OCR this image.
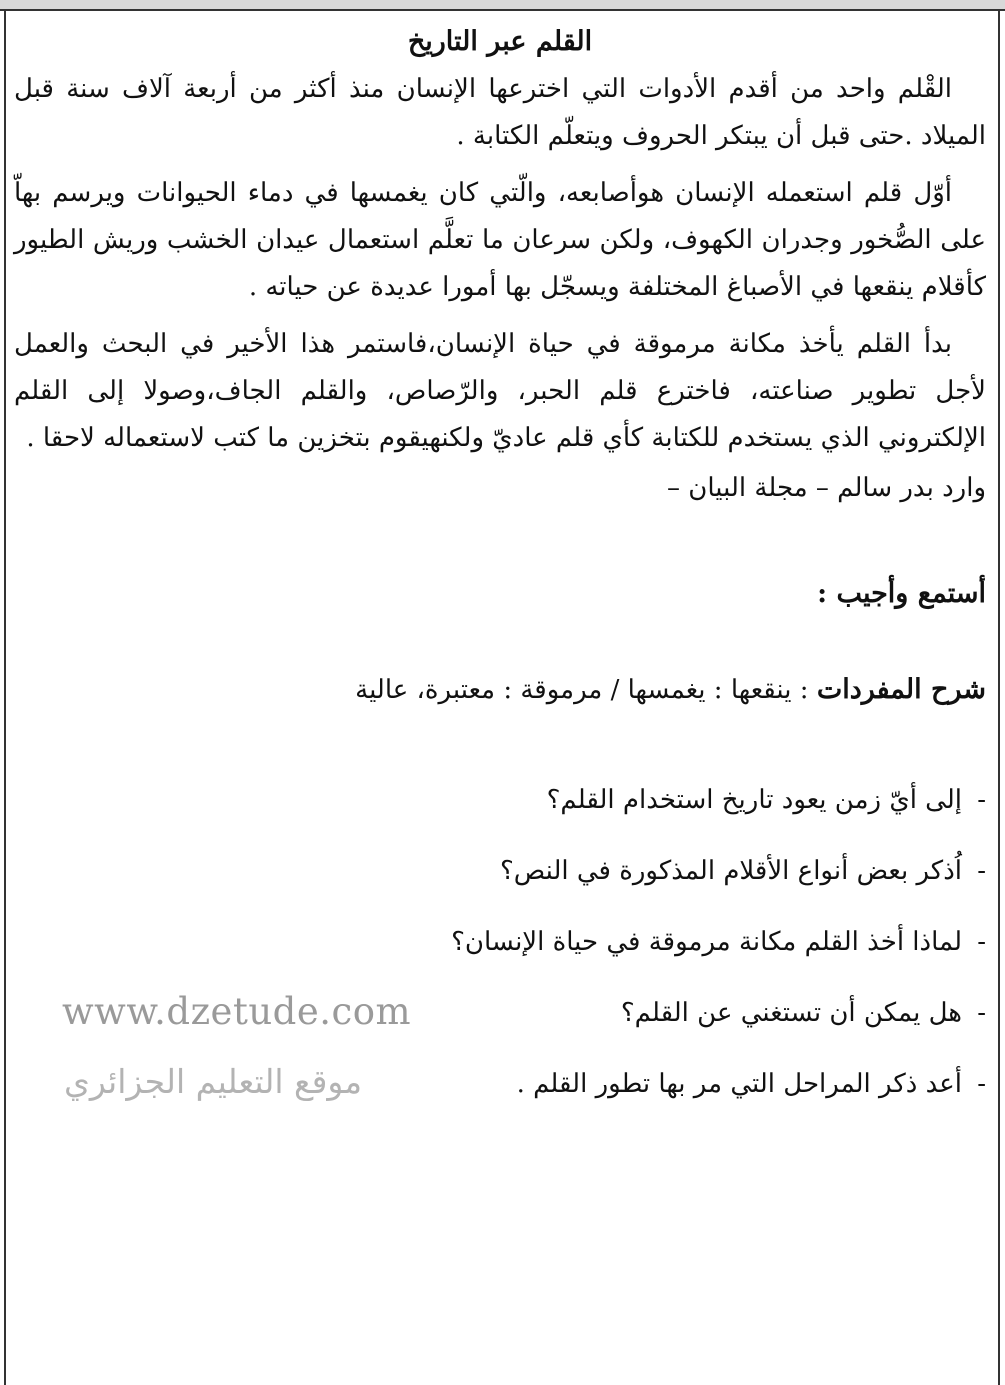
القلم عبر التاريخ

القْلم واحد من أقدم الأدوات التي اخترعها الإنسان منذ أكثر من أربعة آلاف سنة قبل الميلاد .حتى قبل أن يبتكر الحروف ويتعلّم الكتابة .

أوّل قلم استعمله الإنسان هوأصابعه، والّتي كان يغمسها في دماء الحيوانات ويرسم بهاّ على الصُّخور وجدران الكهوف، ولكن سرعان ما تعلَّم استعمال عيدان الخشب وريش الطيور كأقلام ينقعها في الأصباغ المختلفة ويسجّل بها أمورا عديدة عن حياته .

بدأ القلم يأخذ مكانة مرموقة في حياة الإنسان،فاستمر هذا الأخير في البحث والعمل لأجل تطوير صناعته، فاخترع قلم الحبر، والرّصاص، والقلم الجاف،وصولا إلى القلم الإلكتروني الذي يستخدم للكتابة كأي قلم عاديّ ولكنهيقوم بتخزين ما كتب لاستعماله لاحقا .

وارد بدر سالم – مجلة البيان –

أستمع وأجيب :

شرح المفردات : ينقعها : يغمسها / مرموقة : معتبرة، عالية

-إلى أيّ زمن يعود تاريخ استخدام القلم؟
-اُذكر بعض أنواع الأقلام المذكورة في النص؟
-لماذا أخذ القلم مكانة مرموقة في حياة الإنسان؟
-هل يمكن أن تستغني عن القلم؟
-أعد ذكر المراحل التي مر بها تطور القلم .
www.dzetude.com
موقع التعليم الجزائري
